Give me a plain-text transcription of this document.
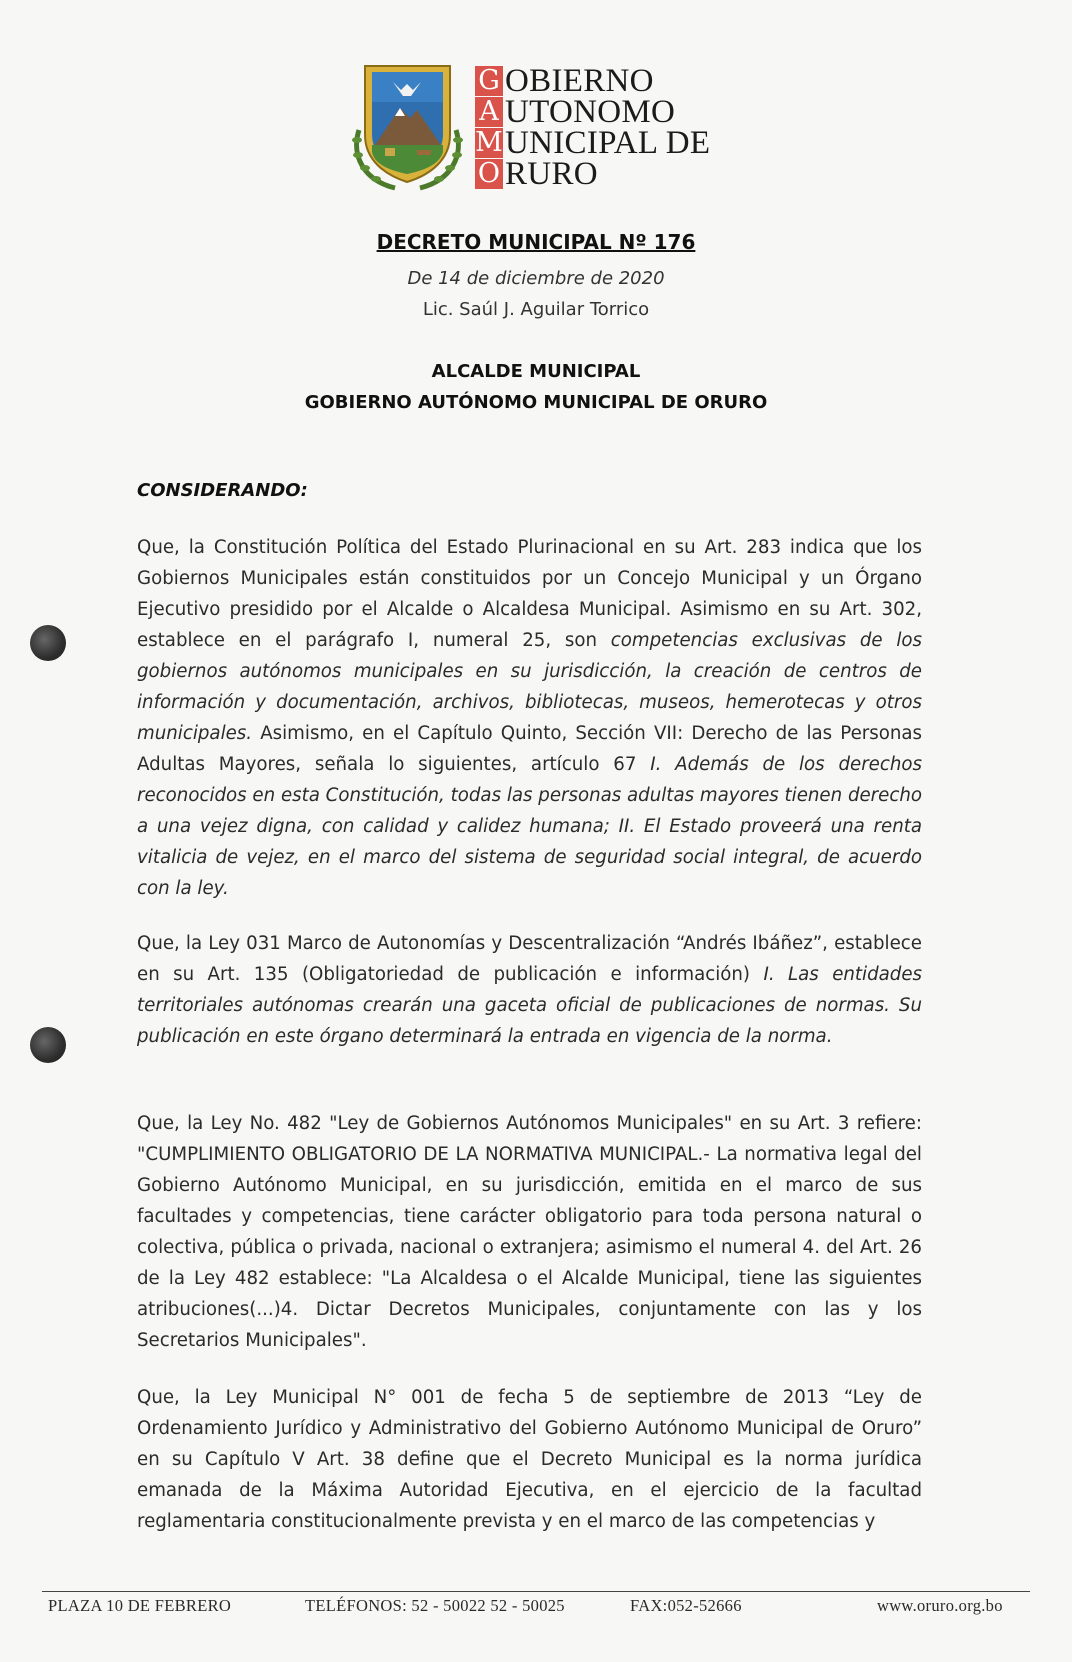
G
A
M
O
OBIERNO
UTONOMO
UNICIPAL DE
RURO
DECRETO MUNICIPAL Nº 176
De 14 de diciembre de 2020
Lic. Saúl J. Aguilar Torrico
ALCALDE MUNICIPAL
GOBIERNO AUTÓNOMO MUNICIPAL DE ORURO
CONSIDERANDO:

Que, la Constitución Política del Estado Plurinacional en su Art. 283 indica que los Gobiernos Municipales están constituidos por un Concejo Municipal y un Órgano Ejecutivo presidido por el Alcalde o Alcaldesa Municipal. Asimismo en su Art. 302, establece en el parágrafo I, numeral 25, son competencias exclusivas de los gobiernos autónomos municipales en su jurisdicción, la creación de centros de información y documentación, archivos, bibliotecas, museos, hemerotecas y otros municipales. Asimismo, en el Capítulo Quinto, Sección VII: Derecho de las Personas Adultas Mayores, señala lo siguientes, artículo 67 I. Además de los derechos reconocidos en esta Constitución, todas las personas adultas mayores tienen derecho a una vejez digna, con calidad y calidez humana; II. El Estado proveerá una renta vitalicia de vejez, en el marco del sistema de seguridad social integral, de acuerdo con la ley.

Que, la Ley 031 Marco de Autonomías y Descentralización “Andrés Ibáñez”, establece en su Art. 135 (Obligatoriedad de publicación e información) I. Las entidades territoriales autónomas crearán una gaceta oficial de publicaciones de normas. Su publicación en este órgano determinará la entrada en vigencia de la norma.

Que, la Ley No. 482 "Ley de Gobiernos Autónomos Municipales" en su Art. 3 refiere: "CUMPLIMIENTO OBLIGATORIO DE LA NORMATIVA MUNICIPAL.- La normativa legal del Gobierno Autónomo Municipal, en su jurisdicción, emitida en el marco de sus facultades y competencias, tiene carácter obligatorio para toda persona natural o colectiva, pública o privada, nacional o extranjera; asimismo el numeral 4. del Art. 26 de la Ley 482 establece: "La Alcaldesa o el Alcalde Municipal, tiene las siguientes atribuciones(...)4. Dictar Decretos Municipales, conjuntamente con las y los Secretarios Municipales".

Que, la Ley Municipal N° 001 de fecha 5 de septiembre de 2013 “Ley de Ordenamiento Jurídico y Administrativo del Gobierno Autónomo Municipal de Oruro” en su Capítulo V Art. 38 define que el Decreto Municipal es la norma jurídica emanada de la Máxima Autoridad Ejecutiva, en el ejercicio de la facultad reglamentaria constitucionalmente prevista y en el marco de las competencias y

PLAZA 10 DE FEBRERO	TELÉFONOS: 52 - 50022 52 - 50025	FAX:052-52666	www.oruro.org.bo
